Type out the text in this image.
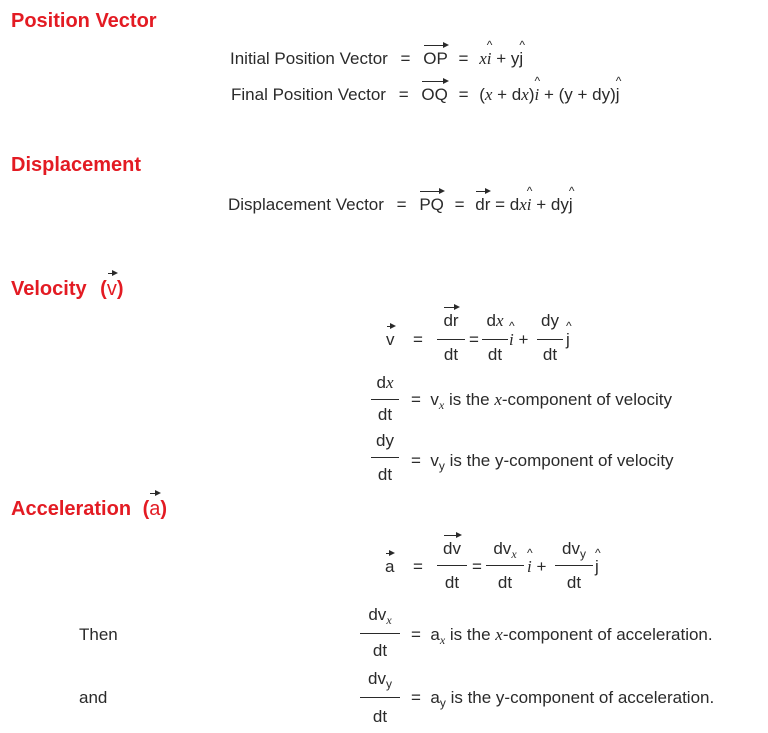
Position Vector
Displacement
Velocity (v)
Acceleration (a)
Initial Position Vector = OP = xi ^ + yj ^
Final Position Vector = OQ = (x + dx)i ^ + (y + dy)j ^
Displacement Vector = PQ = dr = dxi ^ + dyj ^
v =
dr
dt
=
dx
dt
i ^ +
dy
dt
j ^
dx
dt
=  $v_x$ is the x-component of velocity
dy
dt
=  $v_y$ is the y-component of velocity
a =
dv
dt
=
$dv_x$
dt
i ^ +
$dv_y$
dt
j ^
Then
$dv_x$
dt
=  $a_x$ is the x-component of acceleration.
and
$dv_y$
dt
=  $a_y$ is the y-component of acceleration.
